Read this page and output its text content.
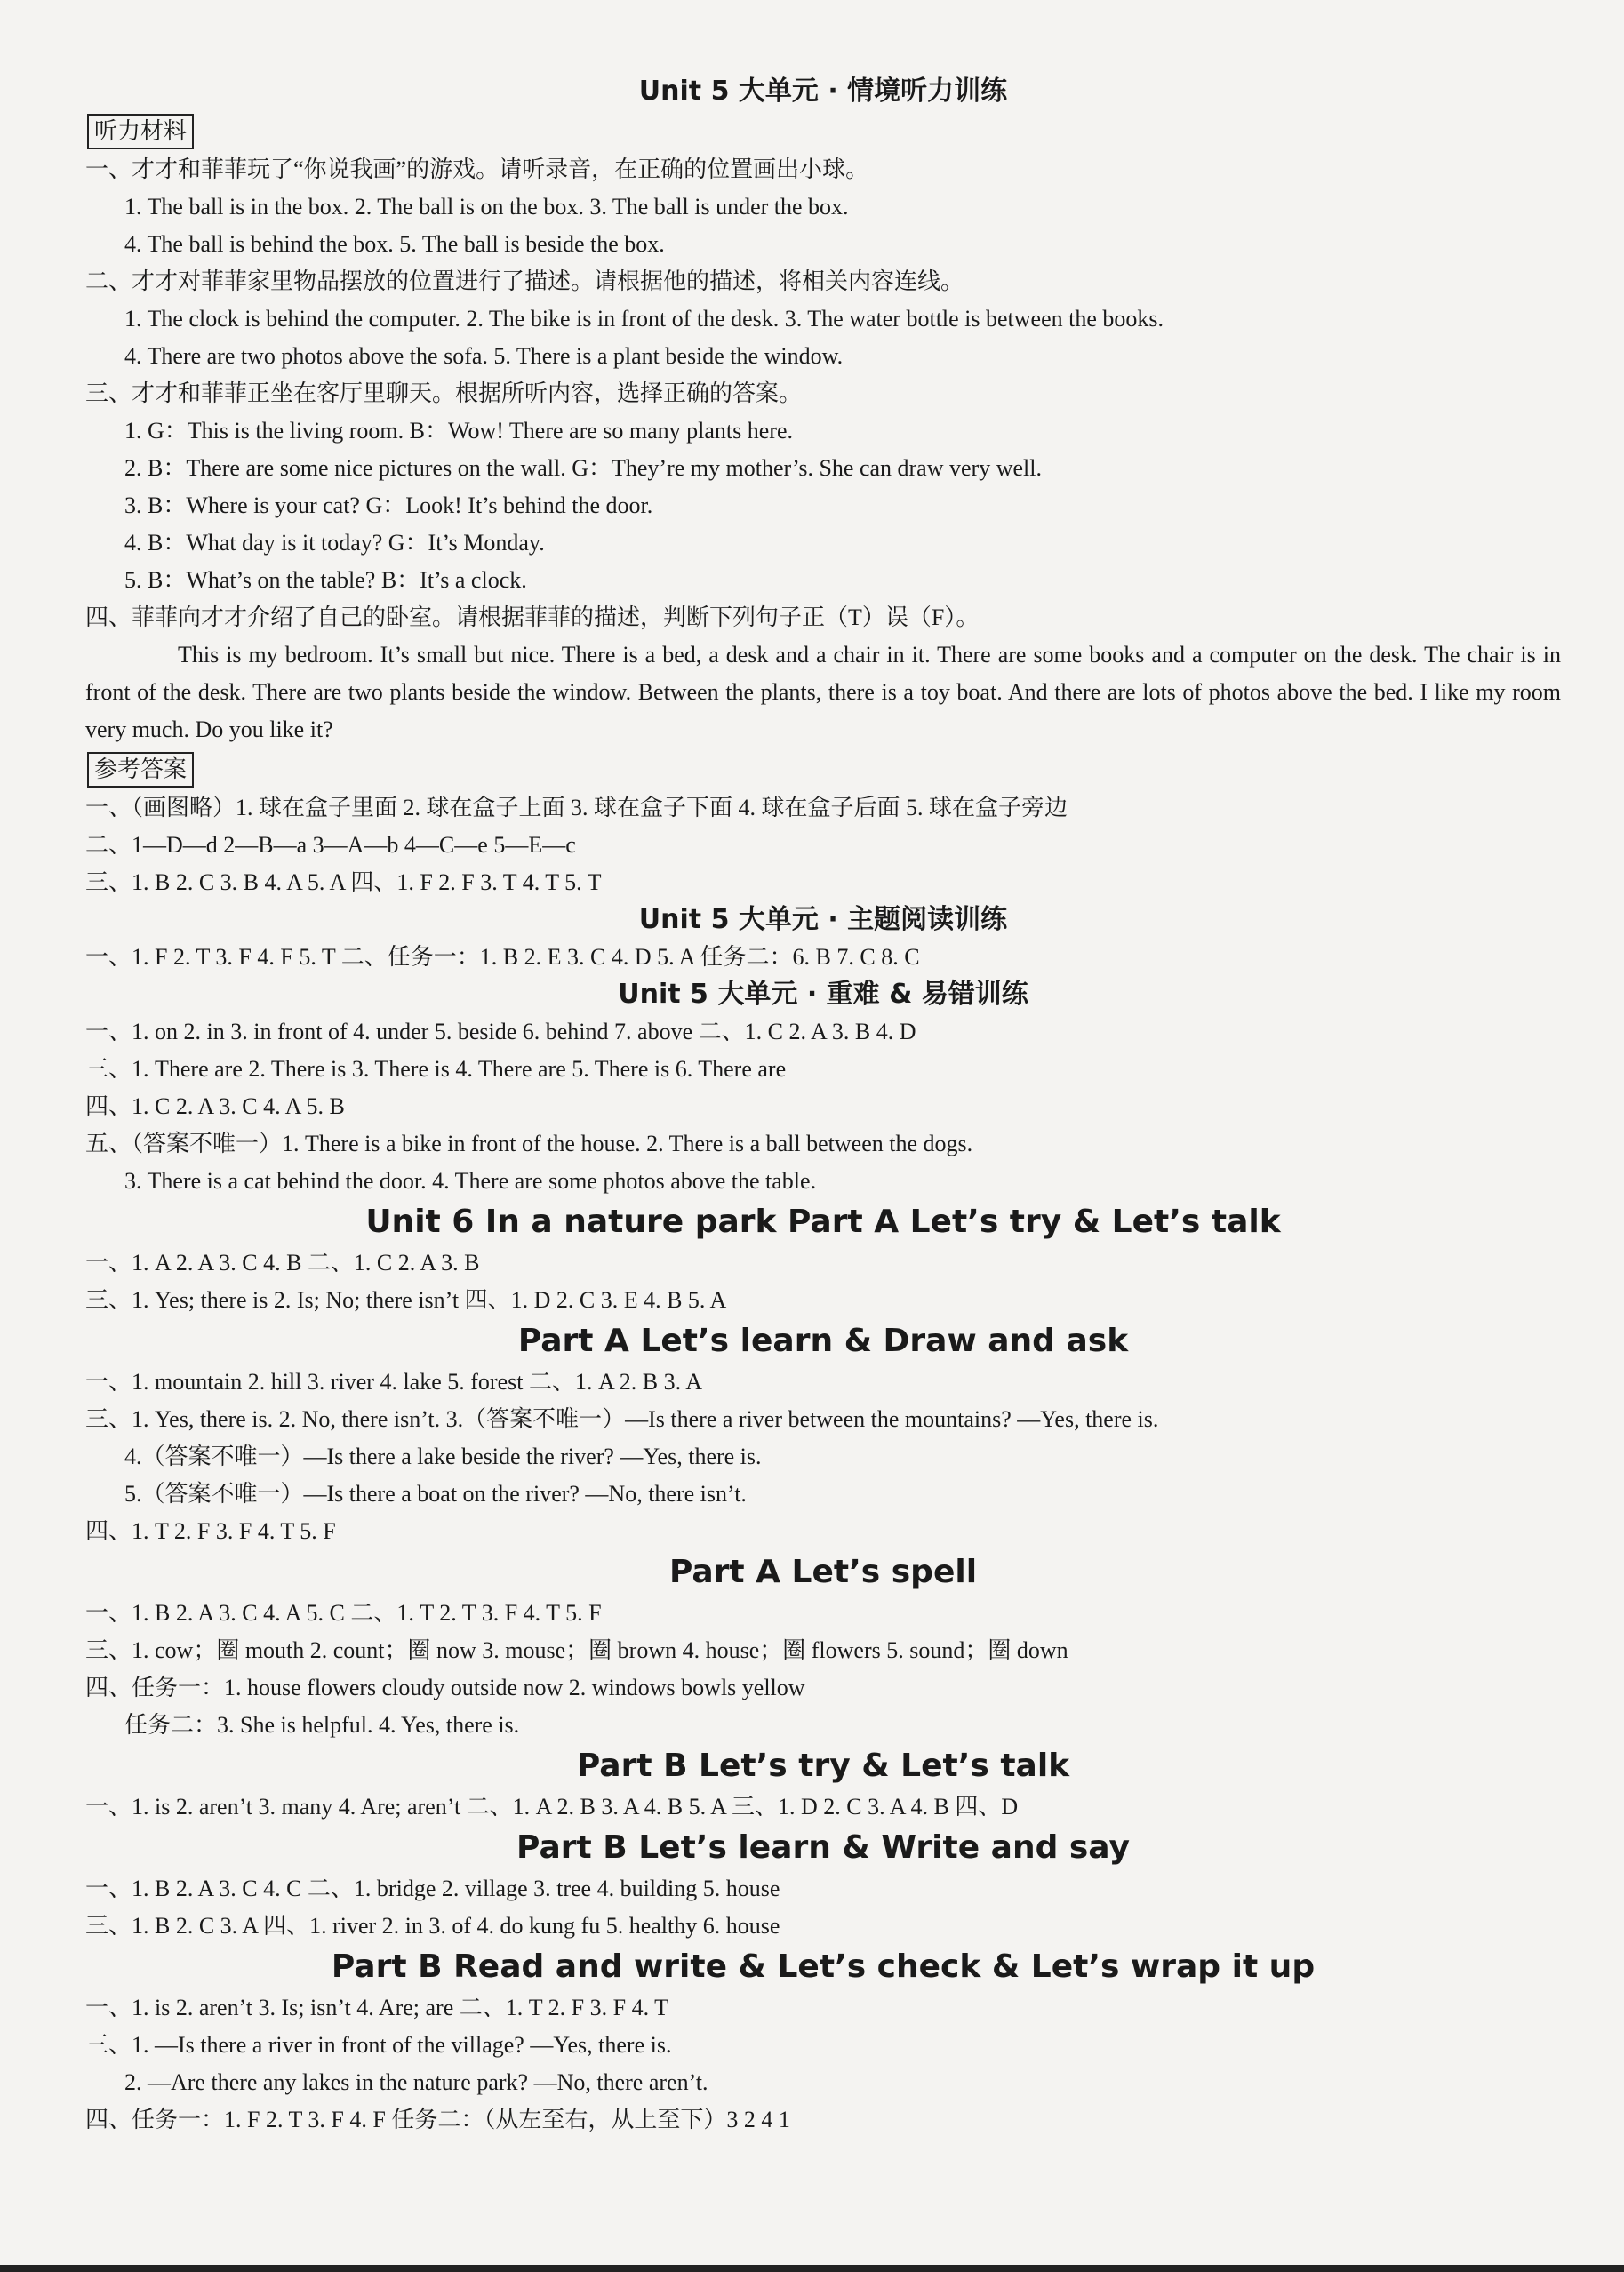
Unit 5 大单元 · 情境听力训练

听力材料

一、才才和菲菲玩了“你说我画”的游戏。请听录音，在正确的位置画出小球。

1. The ball is in the box. 2. The ball is on the box. 3. The ball is under the box.

4. The ball is behind the box. 5. The ball is beside the box.

二、才才对菲菲家里物品摆放的位置进行了描述。请根据他的描述，将相关内容连线。

1. The clock is behind the computer. 2. The bike is in front of the desk. 3. The water bottle is between the books.

4. There are two photos above the sofa. 5. There is a plant beside the window.

三、才才和菲菲正坐在客厅里聊天。根据所听内容，选择正确的答案。

1. G：This is the living room. B：Wow! There are so many plants here.

2. B：There are some nice pictures on the wall. G：They’re my mother’s. She can draw very well.

3. B：Where is your cat? G：Look! It’s behind the door.

4. B：What day is it today? G：It’s Monday.

5. B：What’s on the table? B：It’s a clock.

四、菲菲向才才介绍了自己的卧室。请根据菲菲的描述，判断下列句子正（T）误（F）。

This is my bedroom. It’s small but nice. There is a bed, a desk and a chair in it. There are some books and a computer on the desk. The chair is in front of the desk. There are two plants beside the window. Between the plants, there is a toy boat. And there are lots of photos above the bed. I like my room very much. Do you like it?

参考答案

一、（画图略）1. 球在盒子里面 2. 球在盒子上面 3. 球在盒子下面 4. 球在盒子后面 5. 球在盒子旁边

二、1—D—d 2—B—a 3—A—b 4—C—e 5—E—c

三、1. B 2. C 3. B 4. A 5. A 四、1. F 2. F 3. T 4. T 5. T

Unit 5 大单元 · 主题阅读训练

一、1. F 2. T 3. F 4. F 5. T 二、任务一：1. B 2. E 3. C 4. D 5. A 任务二：6. B 7. C 8. C

Unit 5 大单元 · 重难 & 易错训练

一、1. on 2. in 3. in front of 4. under 5. beside 6. behind 7. above 二、1. C 2. A 3. B 4. D

三、1. There are 2. There is 3. There is 4. There are 5. There is 6. There are

四、1. C 2. A 3. C 4. A 5. B

五、（答案不唯一）1. There is a bike in front of the house. 2. There is a ball between the dogs.

3. There is a cat behind the door. 4. There are some photos above the table.

Unit 6 In a nature park Part A Let’s try & Let’s talk

一、1. A 2. A 3. C 4. B 二、1. C 2. A 3. B

三、1. Yes; there is 2. Is; No; there isn’t 四、1. D 2. C 3. E 4. B 5. A

Part A Let’s learn & Draw and ask

一、1. mountain 2. hill 3. river 4. lake 5. forest 二、1. A 2. B 3. A

三、1. Yes, there is. 2. No, there isn’t. 3.（答案不唯一）—Is there a river between the mountains? —Yes, there is.

4.（答案不唯一）—Is there a lake beside the river? —Yes, there is.

5.（答案不唯一）—Is there a boat on the river? —No, there isn’t.

四、1. T 2. F 3. F 4. T 5. F

Part A Let’s spell

一、1. B 2. A 3. C 4. A 5. C 二、1. T 2. T 3. F 4. T 5. F

三、1. cow；圈 mouth 2. count；圈 now 3. mouse；圈 brown 4. house；圈 flowers 5. sound；圈 down

四、任务一：1. house flowers cloudy outside now 2. windows bowls yellow

任务二：3. She is helpful. 4. Yes, there is.

Part B Let’s try & Let’s talk

一、1. is 2. aren’t 3. many 4. Are; aren’t 二、1. A 2. B 3. A 4. B 5. A 三、1. D 2. C 3. A 4. B 四、D

Part B Let’s learn & Write and say

一、1. B 2. A 3. C 4. C 二、1. bridge 2. village 3. tree 4. building 5. house

三、1. B 2. C 3. A 四、1. river 2. in 3. of 4. do kung fu 5. healthy 6. house

Part B Read and write & Let’s check & Let’s wrap it up

一、1. is 2. aren’t 3. Is; isn’t 4. Are; are 二、1. T 2. F 3. F 4. T

三、1. —Is there a river in front of the village? —Yes, there is.

2. —Are there any lakes in the nature park? —No, there aren’t.

四、任务一：1. F 2. T 3. F 4. F 任务二：（从左至右，从上至下）3 2 4 1
